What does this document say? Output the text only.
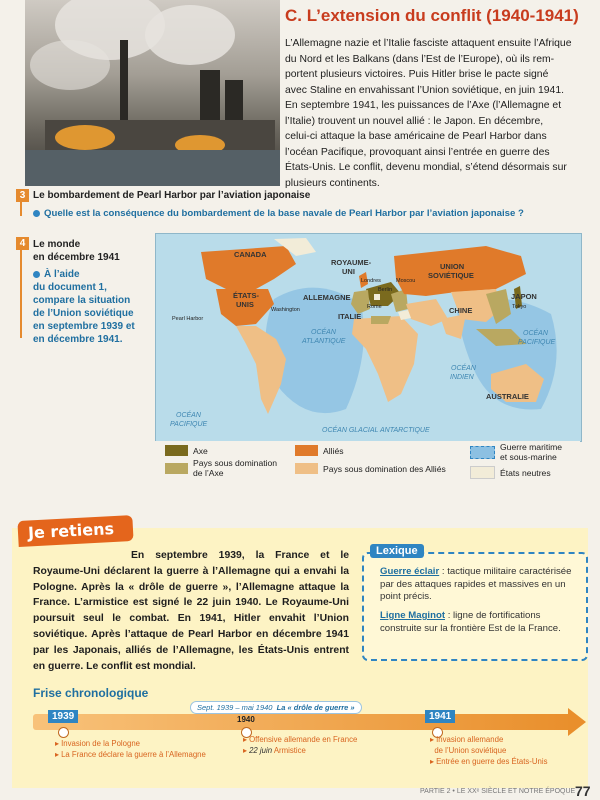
C. L’extension du conflit (1940-1941)
L’Allemagne nazie et l’Italie fasciste attaquent ensuite l’Afrique
du Nord et les Balkans (dans l’Est de l’Europe), où ils rem-
portent plusieurs victoires. Puis Hitler brise le pacte signé
avec Staline en envahissant l’Union soviétique, en juin 1941.
En septembre 1941, les puissances de l’Axe (l’Allemagne et
l’Italie) trouvent un nouvel allié : le Japon. En décembre,
celui-ci attaque la base américaine de Pearl Harbor dans
l’océan Pacifique, provoquant ainsi l’entrée en guerre des
États-Unis. Le conflit, devenu mondial, s’étend désormais sur
plusieurs continents.
3 Le bombardement de Pearl Harbor par l’aviation japonaise
Quelle est la conséquence du bombardement de la base navale de Pearl Harbor par l’aviation japonaise ?
4 Le monde
en décembre 1941
À l’aide
du document 1,
compare la situation
de l’Union soviétique
en septembre 1939 et
en décembre 1941.
CANADA
ÉTATS-
UNIS
ROYAUME-
UNI
ALLEMAGNE
ITALIE
UNION
SOVIÉTIQUE
CHINE
JAPON
AUSTRALIE
Pearl Harbor
Washington
Londres
Berlin
Rome
Moscou
Tokyo
OCÉAN
ATLANTIQUE
OCÉAN
PACIFIQUE
OCÉAN
PACIFIQUE
OCÉAN
INDIEN
OCÉAN GLACIAL ANTARCTIQUE
Axe
Pays sous domination
de l’Axe
Alliés
Pays sous domination des Alliés
Guerre maritime
et sous-marine
États neutres
Je retiens
En septembre 1939, la France et le Royaume-Uni déclarent la guerre à l’Allemagne qui a envahi la Pologne. Après la « drôle de guerre », l’Allemagne attaque la France. L’armistice est signé le 22 juin 1940. Le Royaume-Uni poursuit seul le combat. En 1941, Hitler envahit l’Union soviétique. Après l’attaque de Pearl Harbor en décembre 1941 par les Japonais, alliés de l’Allemagne, les États-Unis entrent en guerre. Le conflit est mondial.
Lexique
Guerre éclair : tactique militaire caractérisée par des attaques rapides et massives en un point précis.
Ligne Maginot : ligne de fortifications construite sur la frontière Est de la France.
Frise chronologique
Sept. 1939 – mai 1940 La « drôle de guerre »
1939	1940	1941
▸ Invasion de la Pologne
▸ La France déclare la guerre à l’Allemagne
▸ Offensive allemande en France
▸ 22 juin Armistice
▸ Invasion allemande
de l’Union soviétique
▸ Entrée en guerre des États-Unis
PARTIE 2 • LE XXᵉ SIÈCLE ET NOTRE ÉPOQUE 77
